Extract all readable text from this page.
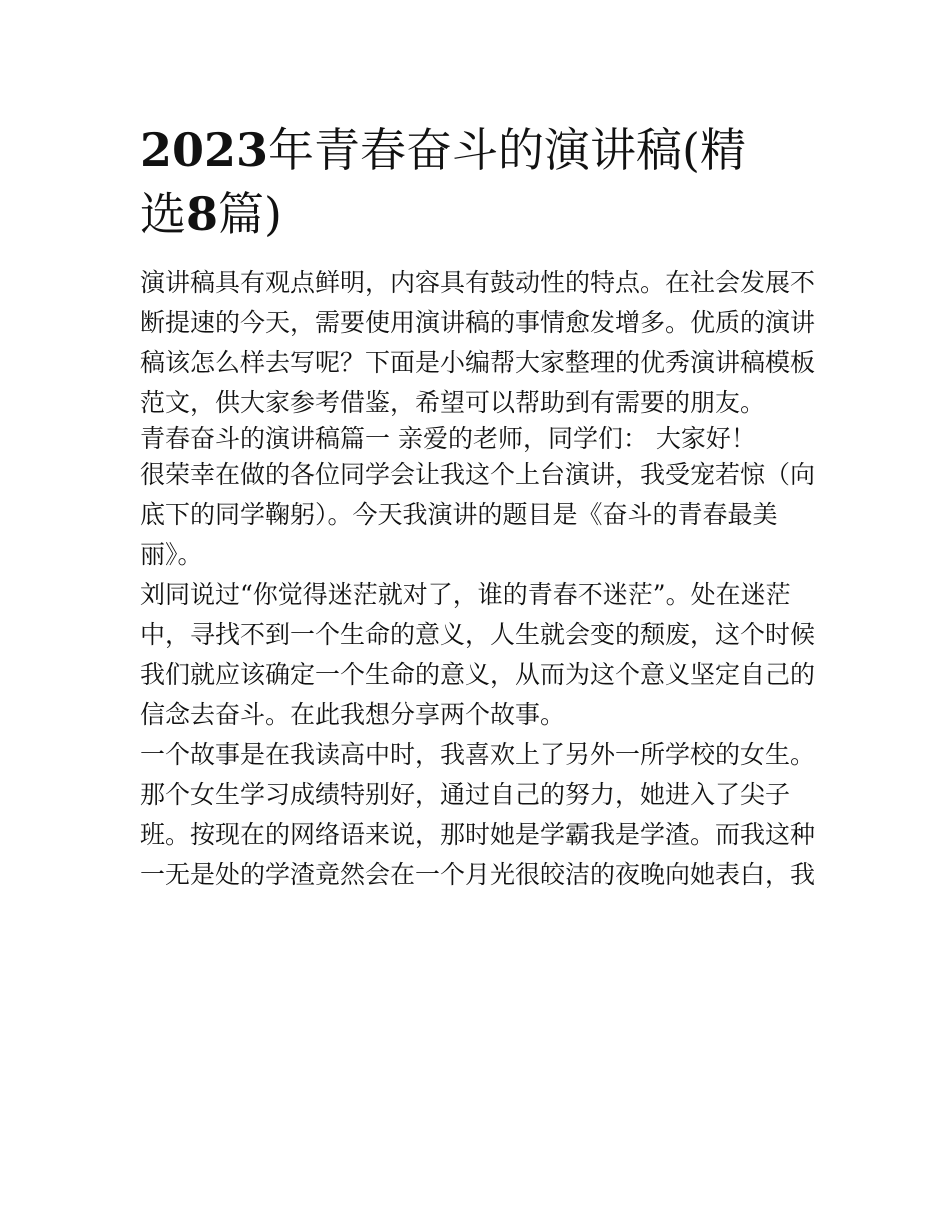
2023年青春奋斗的演讲稿(精
选8篇)
演讲稿具有观点鲜明，内容具有鼓动性的特点。在社会发展不
断提速的今天，需要使用演讲稿的事情愈发增多。优质的演讲
稿该怎么样去写呢？下面是小编帮大家整理的优秀演讲稿模板
范文，供大家参考借鉴，希望可以帮助到有需要的朋友。
青春奋斗的演讲稿篇一 亲爱的老师，同学们： 大家好！
很荣幸在做的各位同学会让我这个上台演讲，我受宠若惊（向
底下的同学鞠躬）。今天我演讲的题目是《奋斗的青春最美
丽》。
刘同说过“你觉得迷茫就对了，谁的青春不迷茫”。处在迷茫
中，寻找不到一个生命的意义，人生就会变的颓废，这个时候
我们就应该确定一个生命的意义，从而为这个意义坚定自己的
信念去奋斗。在此我想分享两个故事。
一个故事是在我读高中时，我喜欢上了另外一所学校的女生。
那个女生学习成绩特别好，通过自己的努力，她进入了尖子
班。按现在的网络语来说，那时她是学霸我是学渣。而我这种
一无是处的学渣竟然会在一个月光很皎洁的夜晚向她表白，我
